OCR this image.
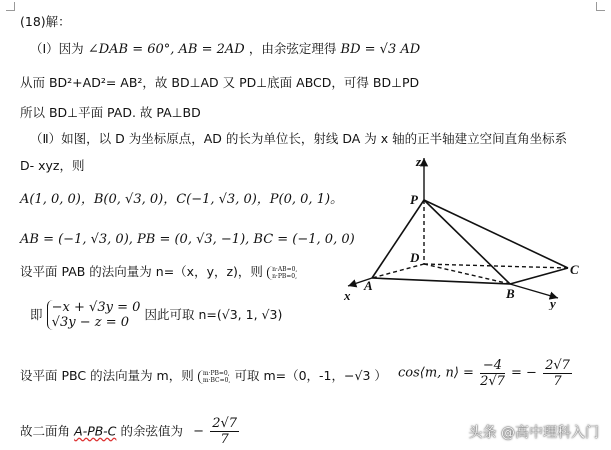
(18)解：
（Ⅰ）因为 ∠DAB = 60°, AB = 2AD ，由余弦定理得 BD = √3 AD
从而 BD²+AD²= AB²，故 BD⊥AD 又 PD⊥底面 ABCD，可得 BD⊥PD
所以 BD⊥平面 PAD. 故 PA⊥BD
（Ⅱ）如图，以 D 为坐标原点，AD 的长为单位长，射线 DA 为 x 轴的正半轴建立空间直角坐标系
D- xyz，则
A(1, 0, 0)，B(0, √3, 0)，C(−1, √3, 0)，P(0, 0, 1)。
AB = (−1, √3, 0), PB = (0, √3, −1), BC = (−1, 0, 0)
设平面 PAB 的法向量为 n=（x，y，z)，则 n·AB=0,
n·PB=0,
即 −x + √3y = 0
√3y − z = 0 因此可取 n=(√3, 1, √3)
设平面 PBC 的法向量为 m，则 m·PB=0,
m·BC=0, 可取 m=（0，-1，−√3 ） cos⟨m, n⟩ = $\frac{-4}{2√7}$ = − $\frac{2√7}{7}$
故二面角 A-PB-C 的余弦值为 − $\frac{2√7}{7}$
z
P
D
C
A
B
x
y
头条 @高中理科入门
